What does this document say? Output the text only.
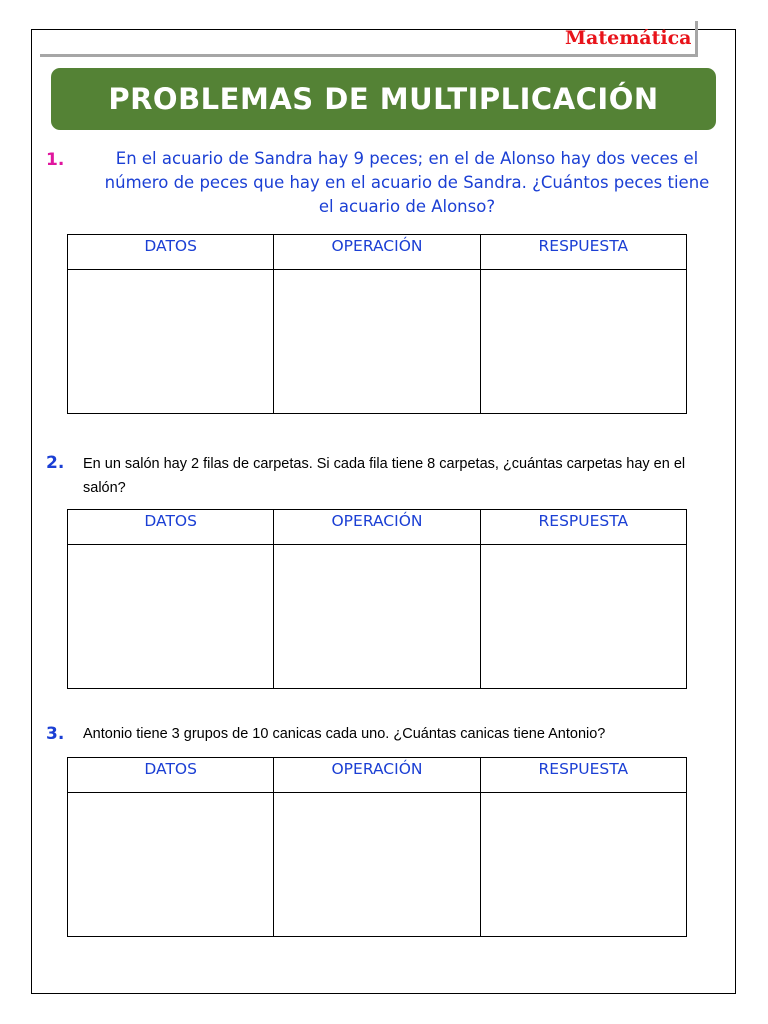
Matemática
PROBLEMAS DE MULTIPLICACIÓN
1.	En el acuario de Sandra hay 9 peces; en el de Alonso hay dos veces el número de peces que hay en el acuario de Sandra. ¿Cuántos peces tiene el acuario de Alonso?
DATOS	OPERACIÓN	RESPUESTA

2. En un salón hay 2 filas de carpetas. Si cada fila tiene 8 carpetas, ¿cuántas carpetas hay en el salón?
DATOS	OPERACIÓN	RESPUESTA

3. Antonio tiene 3 grupos de 10 canicas cada uno. ¿Cuántas canicas tiene Antonio?
DATOS	OPERACIÓN	RESPUESTA
